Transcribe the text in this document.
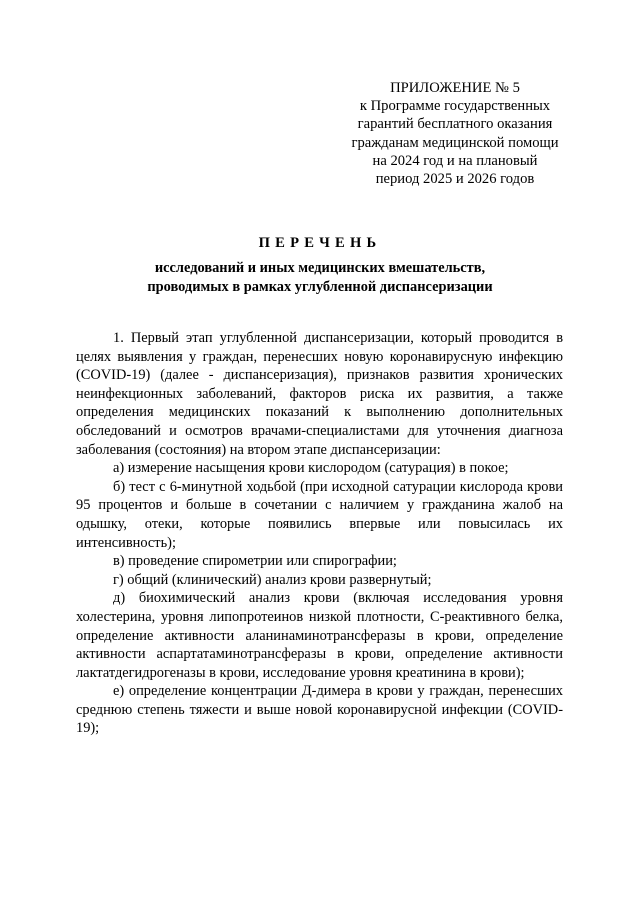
ПРИЛОЖЕНИЕ № 5
к Программе государственных
гарантий бесплатного оказания
гражданам медицинской помощи
на 2024 год и на плановый
период 2025 и 2026 годов
ПЕРЕЧЕНЬ
исследований и иных медицинских вмешательств,
проводимых в рамках углубленной диспансеризации

1. Первый этап углубленной диспансеризации, который проводится в целях выявления у граждан, перенесших новую коронавирусную инфекцию (COVID-19) (далее - диспансеризация), признаков развития хронических неинфекционных заболеваний, факторов риска их развития, а также определения медицинских показаний к выполнению дополнительных обследований и осмотров врачами-специалистами для уточнения диагноза заболевания (состояния) на втором этапе диспансеризации:

а) измерение насыщения крови кислородом (сатурация) в покое;

б) тест с 6-минутной ходьбой (при исходной сатурации кислорода крови 95 процентов и больше в сочетании с наличием у гражданина жалоб на одышку, отеки, которые появились впервые или повысилась их интенсивность);

в) проведение спирометрии или спирографии;

г) общий (клинический) анализ крови развернутый;

д) биохимический анализ крови (включая исследования уровня холестерина, уровня липопротеинов низкой плотности, С-реактивного белка, определение активности аланинаминотрансферазы в крови, определение активности аспартатаминотрансферазы в крови, определение активности лактатдегидрогеназы в крови, исследование уровня креатинина в крови);

е) определение концентрации Д-димера в крови у граждан, перенесших среднюю степень тяжести и выше новой коронавирусной инфекции (COVID-19);
